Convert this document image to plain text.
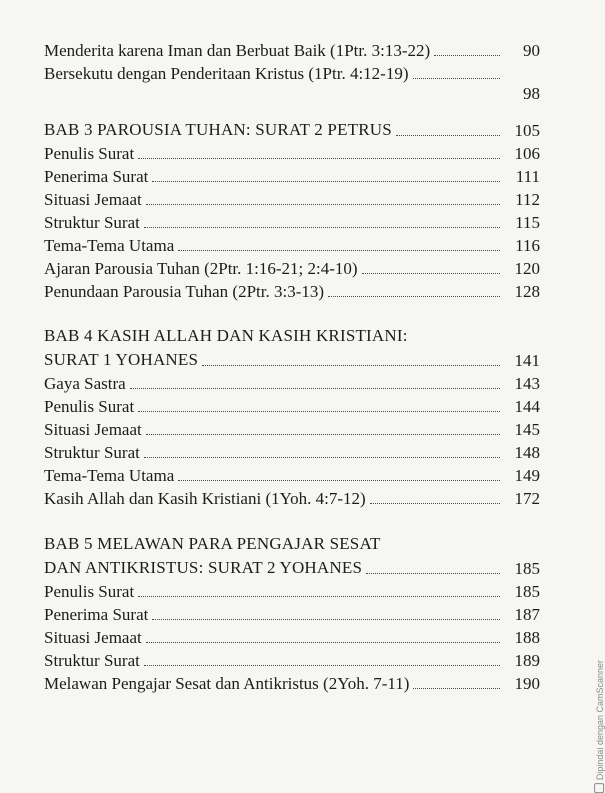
Menderita karena Iman dan Berbuat Baik (1Ptr. 3:13-22)	90
Bersekutu dengan Penderitaan Kristus (1Ptr. 4:12-19)
98
BAB 3 PAROUSIA TUHAN: SURAT 2 PETRUS	105
Penulis Surat	106
Penerima Surat	111
Situasi Jemaat	112
Struktur Surat	115
Tema-Tema Utama	116
Ajaran Parousia Tuhan (2Ptr. 1:16-21; 2:4-10)	120
Penundaan Parousia Tuhan (2Ptr. 3:3-13)	128
BAB 4 KASIH ALLAH DAN KASIH KRISTIANI:
SURAT 1 YOHANES	141
Gaya Sastra	143
Penulis Surat	144
Situasi Jemaat	145
Struktur Surat	148
Tema-Tema Utama	149
Kasih Allah dan Kasih Kristiani (1Yoh. 4:7-12)	172
BAB 5 MELAWAN PARA PENGAJAR SESAT
DAN ANTIKRISTUS: SURAT 2 YOHANES	185
Penulis Surat	185
Penerima Surat	187
Situasi Jemaat	188
Struktur Surat	189
Melawan Pengajar Sesat dan Antikristus (2Yoh. 7-11)	190	Dipindai dengan CamScanner
